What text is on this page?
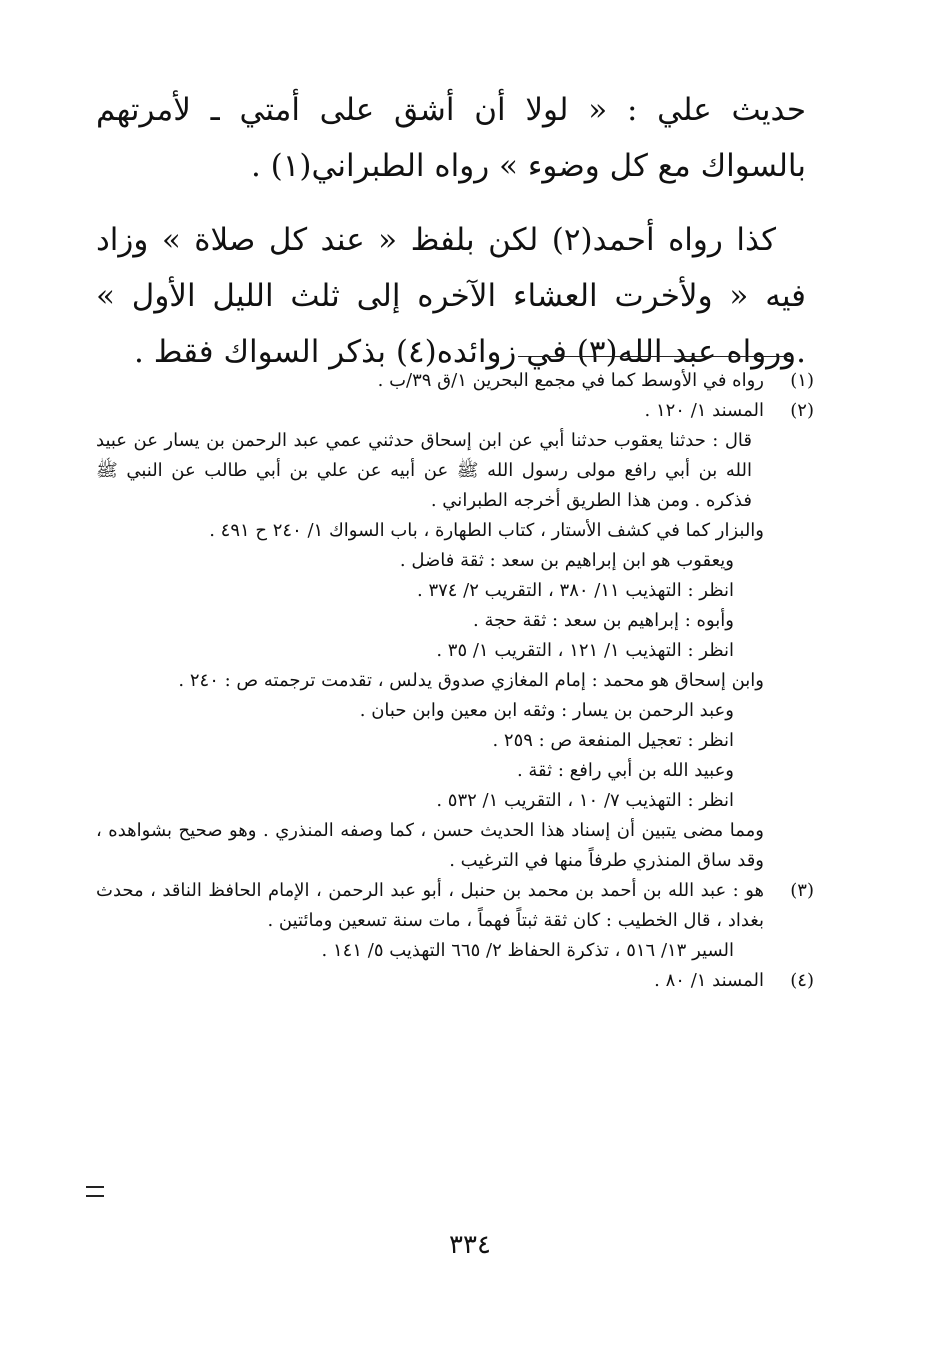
حديث علي : « لولا أن أشق على أمتي ـ لأمرتهم بالسواك مع كل وضوء » رواه الطبراني(١) .
كذا رواه أحمد(٢) لكن بلفظ « عند كل صلاة » وزاد فيه « ولأخرت العشاء الآخره إلى ثلث الليل الأول » .ورواه عبد الله(٣) في زوائده(٤) بذكر السواك فقط .
(١)
رواه في الأوسط كما في مجمع البحرين ١/ق ٣٩/ب .
(٢)
المسند ١/ ١٢٠ .
قال : حدثنا يعقوب حدثنا أبي عن ابن إسحاق حدثني عمي عبد الرحمن بن يسار عن عبيد الله بن أبي رافع مولى رسول الله ﷺ عن أبيه عن علي بن أبي طالب عن النبي ﷺ فذكره . ومن هذا الطريق أخرجه الطبراني .
والبزار كما في كشف الأستار ، كتاب الطهارة ، باب السواك ١/ ٢٤٠ ح ٤٩١ .
ويعقوب هو ابن إبراهيم بن سعد : ثقة فاضل .
انظر : التهذيب ١١/ ٣٨٠ ، التقريب ٢/ ٣٧٤ .
وأبوه : إبراهيم بن سعد : ثقة حجة .
انظر : التهذيب ١/ ١٢١ ، التقريب ١/ ٣٥ .
وابن إسحاق هو محمد : إمام المغازي صدوق يدلس ، تقدمت ترجمته ص : ٢٤٠ .
وعبد الرحمن بن يسار : وثقه ابن معين وابن حبان .
انظر : تعجيل المنفعة ص : ٢٥٩ .
وعبيد الله بن أبي رافع : ثقة .
انظر : التهذيب ٧/ ١٠ ، التقريب ١/ ٥٣٢ .
ومما مضى يتبين أن إسناد هذا الحديث حسن ، كما وصفه المنذري . وهو صحيح بشواهده ، وقد ساق المنذري طرفاً منها في الترغيب .
(٣)
هو : عبد الله بن أحمد بن محمد بن حنبل ، أبو عبد الرحمن ، الإمام الحافظ الناقد ، محدث بغداد ، قال الخطيب : كان ثقة ثبتاً فهماً ، مات سنة تسعين ومائتين .
السير ١٣/ ٥١٦ ، تذكرة الحفاظ ٢/ ٦٦٥ التهذيب ٥/ ١٤١ .
(٤)
المسند ١/ ٨٠ .
٣٣٤
